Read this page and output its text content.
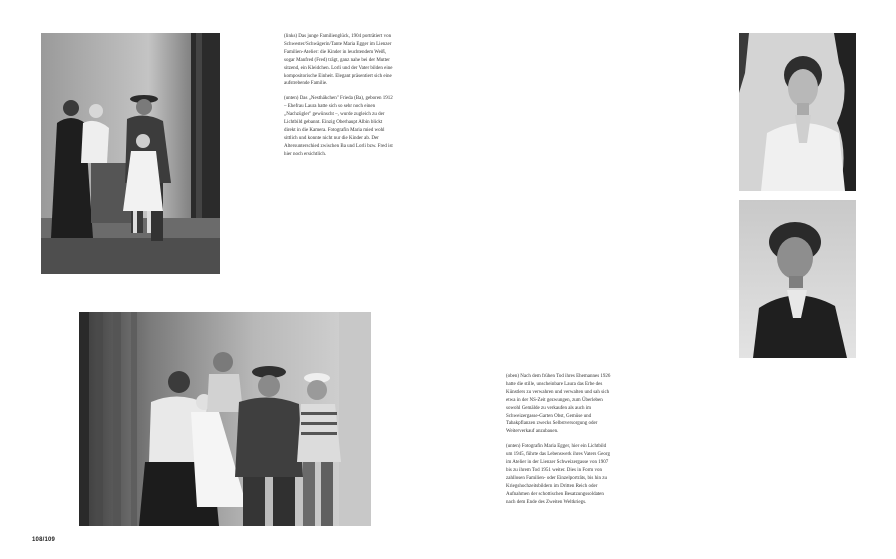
(links) Das junge Familienglück, 1904 porträtiert von Schwester/Schwägerin/Tante Maria Egger im Lienzer Familien-Atelier: die Kinder in leuchtendem Weiß, sogar Manfred (Fred) trägt, ganz nahe bei der Mutter sitzend, ein Kleidchen. Lorli und der Vater bilden eine kompositorische Einheit. Elegant präsentiert sich eine aufstrebende Familie.

(unten) Das „Nesthäkchen" Frieda (Ba), geboren 1912 – Ehefrau Laura hatte sich so sehr noch einen „Nachzügler" gewünscht –, wurde zugleich zu der Lichtbild gebannt. Einzig Oberhaupt Albin blickt direkt in die Kamera. Fotografin Maria mied wohl sittlich und konnte nicht nur die Kinder ab. Der Altersunterschied zwischen Ba und Lorli bzw. Fred ist hier noch ersichtlich.

(oben) Nach dem frühen Tod ihres Ehemannes 1926 hatte die stille, unscheinbare Laura das Erbe des Künstlers zu verwahren und verwalten und sah sich etwa in der NS-Zeit gezwungen, zum Überleben sowohl Gemälde zu verkaufen als auch im Schweizergasse-Garten Obst, Gemüse und Tabakpflanzen zwecks Selbstversorgung oder Weiterverkauf anzubauen.

(unten) Fotografin Maria Egger, hier ein Lichtbild um 1945, führte das Lebenswerk ihres Vaters Georg im Atelier in der Lienzer Schweizergasse von 1907 bis zu ihrem Tod 1951 weiter. Dies in Form von zahllosen Familien- oder Einzelporträts, bis hin zu Kriegshochzeitsbildern im Dritten Reich oder Aufnahmen der schottischen Besatzungssoldaten nach dem Ende des Zweiten Weltkriegs.

108/109
